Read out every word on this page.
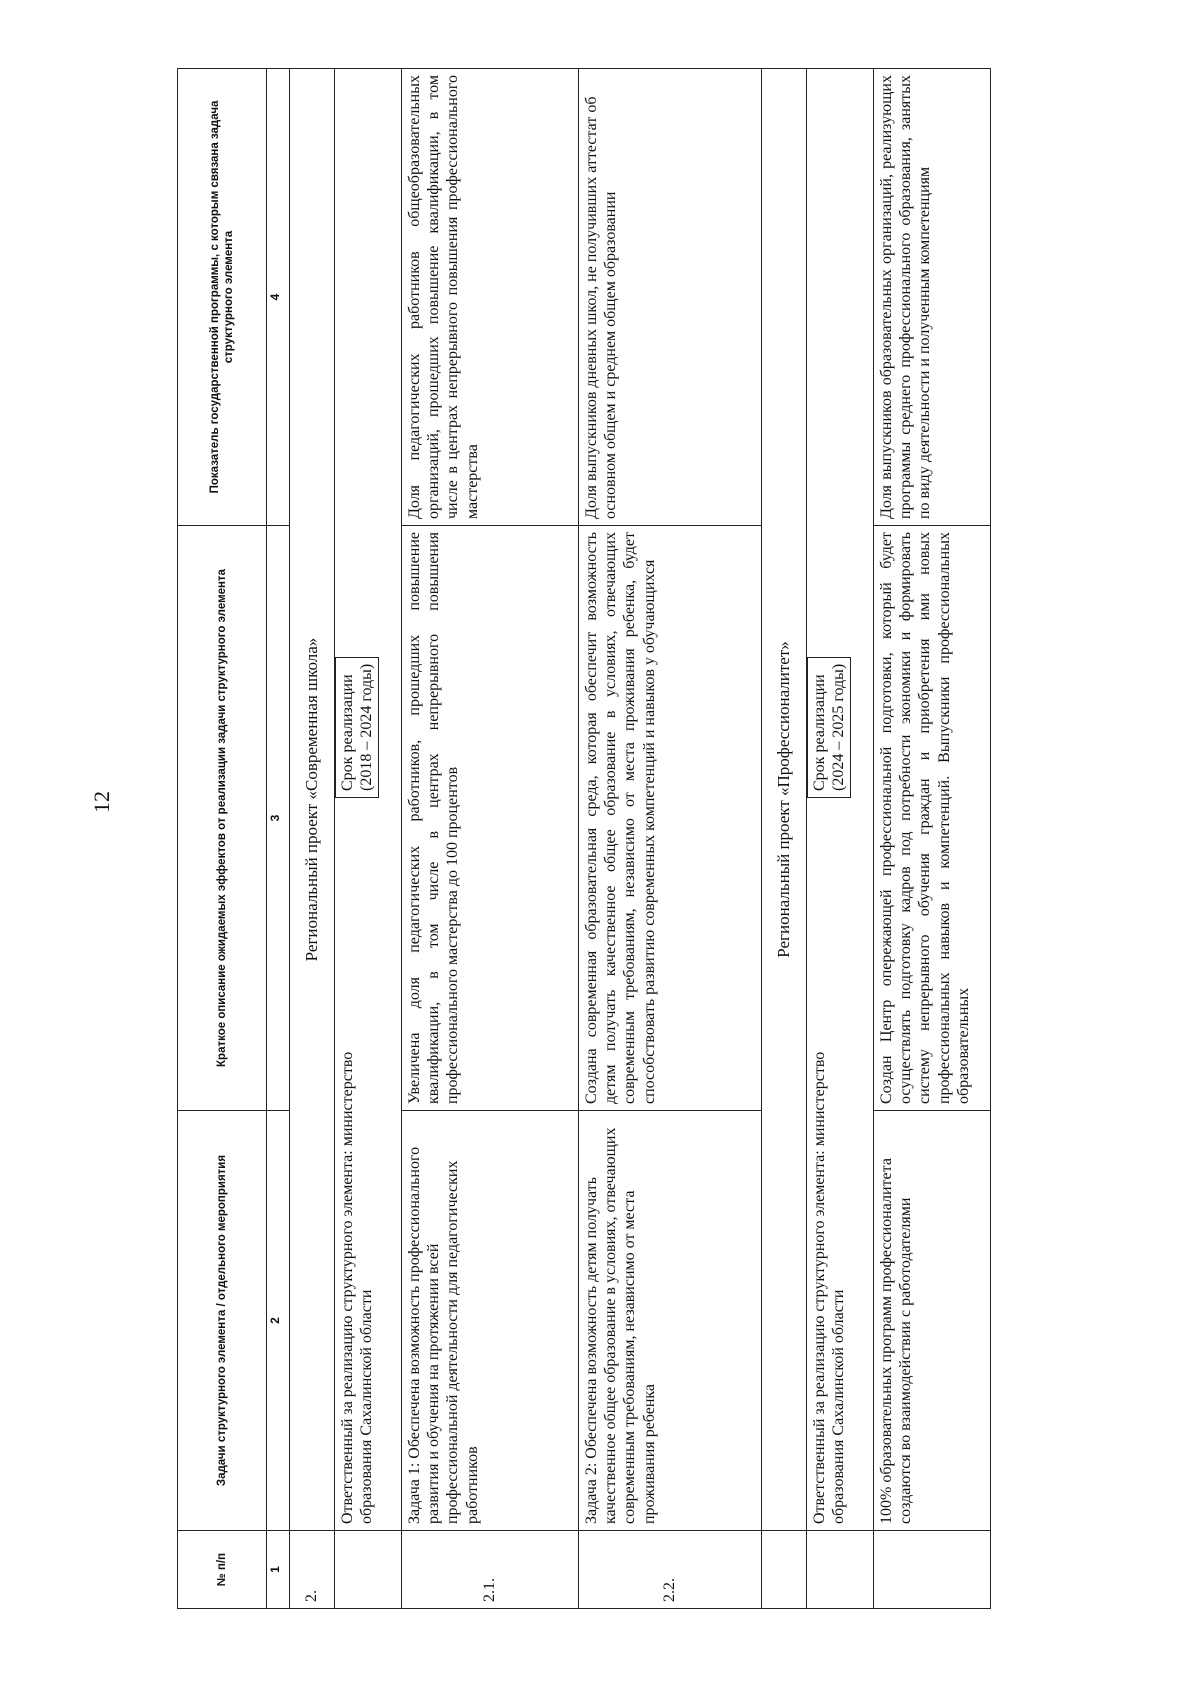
12
№ п/п	Задачи структурного элемента / отдельного мероприятия	Краткое описание ожидаемых эффектов от реализации задачи структурного элемента	Показатель государственной программы, с которым связана задача структурного элемента
1	2	3	4
2.	Региональный проект «Современная школа»		

	Ответственный за реализацию структурного элемента: министерство образования Сахалинской области
Срок реализации (2018 – 2024 годы)		

2.1.	Задача 1: Обеспечена возможность профессионального развития и обучения на протяжении всей профессиональной деятельности для педагогических работников	Увеличена доля педагогических работников, прошедших повышение квалификации, в том числе в центрах непрерывного повышения профессионального мастерства до 100 процентов	Доля педагогических работников общеобразовательных организаций, прошедших повышение квалификации, в том числе в центрах непрерывного повышения профессионального мастерства
2.2.	Задача 2: Обеспечена возможность детям получать качественное общее образование в условиях, отвечающих современным требованиям, независимо от места проживания ребенка	Создана современная образовательная среда, которая обеспечит возможность детям получать качественное общее образование в условиях, отвечающих современным требованиям, независимо от места проживания ребенка, будет способствовать развитию современных компетенций и навыков у обучающихся	Доля выпускников дневных школ, не получивших аттестат об основном общем и среднем общем образовании
	Региональный проект «Профессионалитет»		

	Ответственный за реализацию структурного элемента: министерство образования Сахалинской области
Срок реализации (2024 – 2025 годы)		

	100% образовательных программ профессионалитета создаются во взаимодействии с работодателями	Создан Центр опережающей профессиональной подготовки, который будет осуществлять подготовку кадров под потребности экономики и формировать систему непрерывного обучения граждан и приобретения ими новых профессиональных навыков и компетенций. Выпускники профессиональных образовательных	Доля выпускников образовательных организаций, реализующих программы среднего профессионального образования, занятых по виду деятельности и полученным компетенциям
